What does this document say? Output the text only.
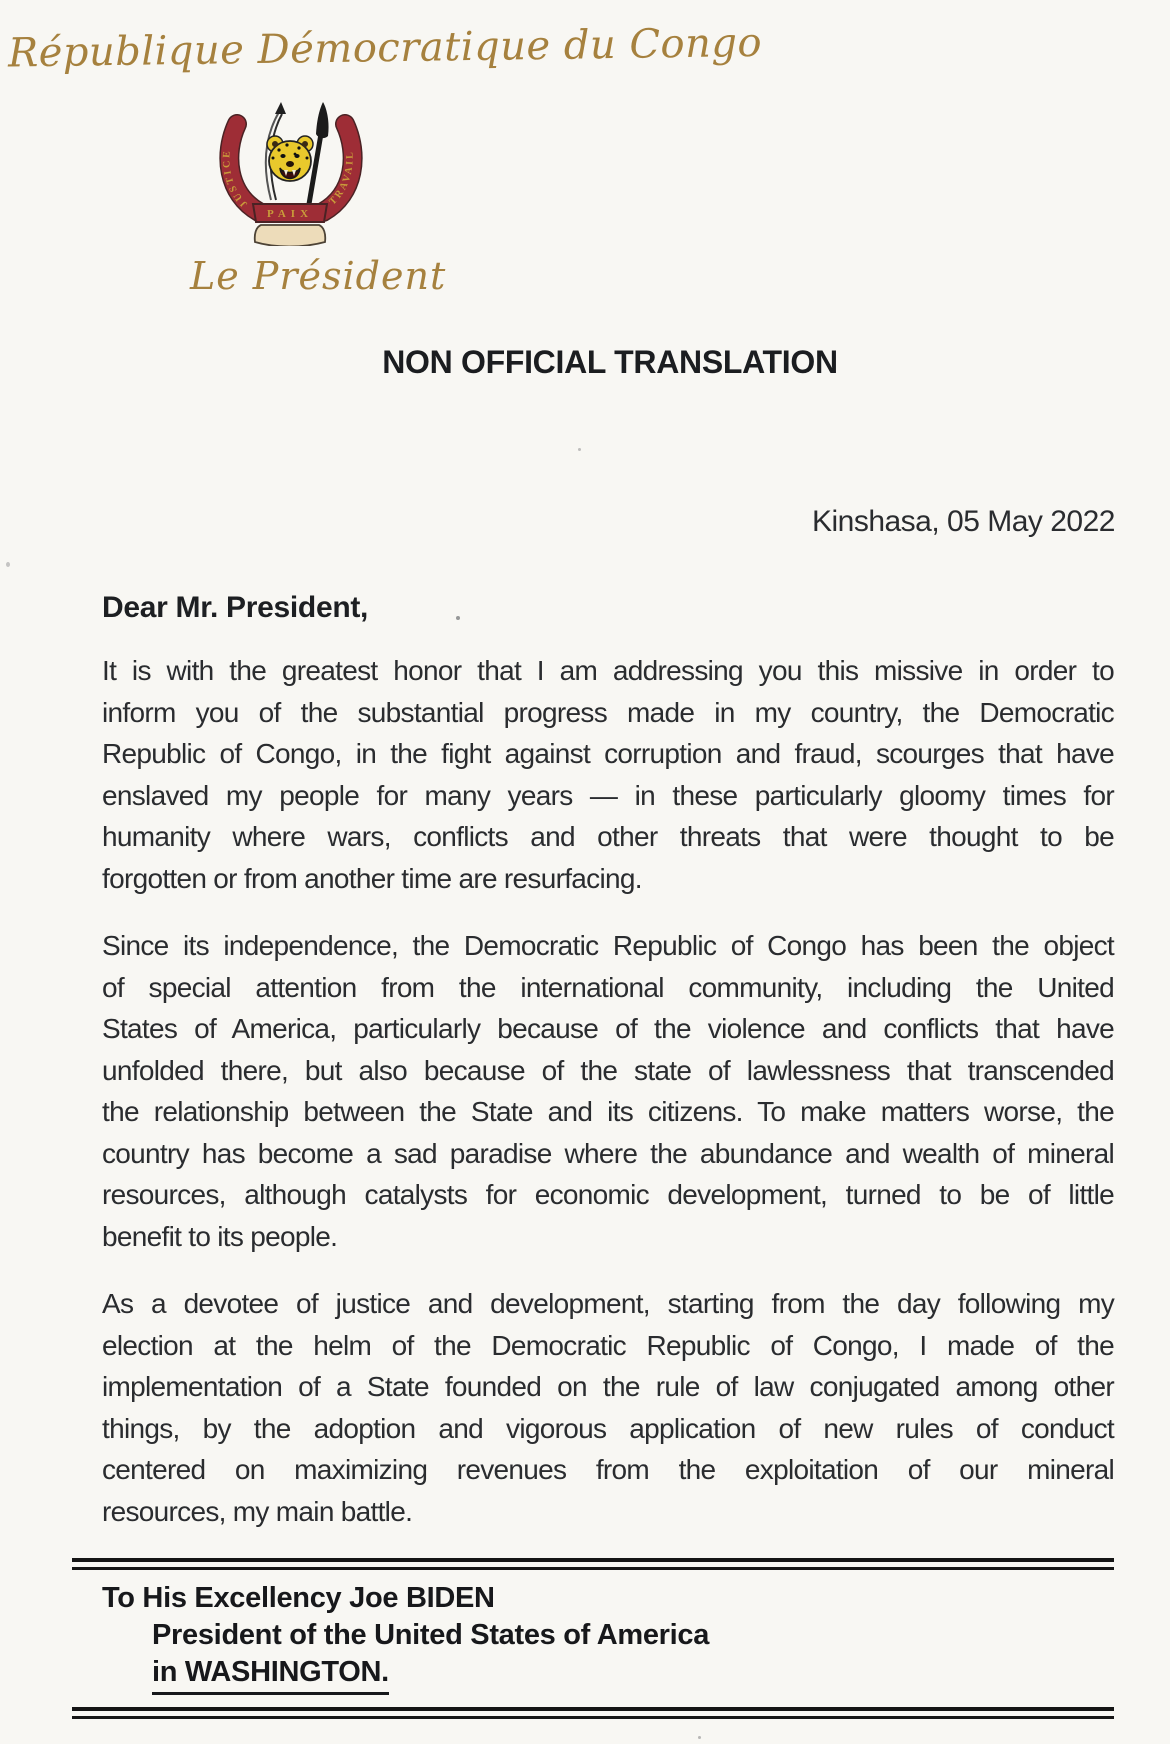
République Démocratique du Congo
JUSTICE
TRAVAIL
PAIX
Le Président
NON OFFICIAL TRANSLATION
Kinshasa, 05 May 2022
Dear Mr. President,
It is with the greatest honor that I am addressing you this missive in order to
inform you of the substantial progress made in my country, the Democratic
Republic of Congo, in the fight against corruption and fraud, scourges that have
enslaved my people for many years — in these particularly gloomy times for
humanity where wars, conflicts and other threats that were thought to be
forgotten or from another time are resurfacing.
Since its independence, the Democratic Republic of Congo has been the object
of special attention from the international community, including the United
States of America, particularly because of the violence and conflicts that have
unfolded there, but also because of the state of lawlessness that transcended
the relationship between the State and its citizens. To make matters worse, the
country has become a sad paradise where the abundance and wealth of mineral
resources, although catalysts for economic development, turned to be of little
benefit to its people.
As a devotee of justice and development, starting from the day following my
election at the helm of the Democratic Republic of Congo, I made of the
implementation of a State founded on the rule of law conjugated among other
things, by the adoption and vigorous application of new rules of conduct
centered on maximizing revenues from the exploitation of our mineral
resources, my main battle.
To His Excellency Joe BIDEN
President of the United States of America
in WASHINGTON.
